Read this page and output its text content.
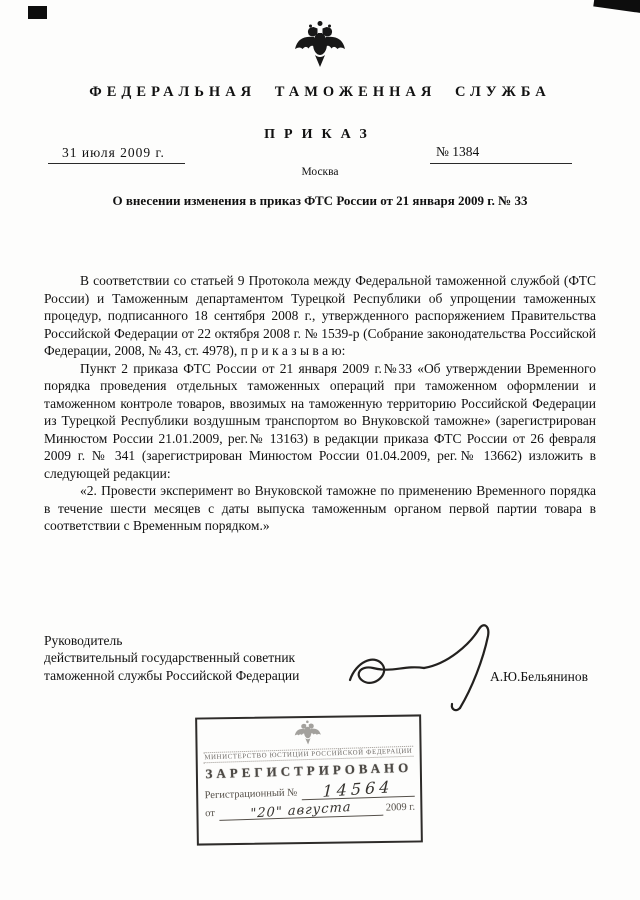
ФЕДЕРАЛЬНАЯ ТАМОЖЕННАЯ СЛУЖБА
ПРИКАЗ
31 июля 2009 г.	№ 1384
Москва
О внесении изменения в приказ ФТС России от 21 января 2009 г. № 33

В соответствии со статьей 9 Протокола между Федеральной таможенной службой (ФТС России) и Таможенным департаментом Турецкой Республики об упрощении таможенных процедур, подписанного 18 сентября 2008 г., утвержденного распоряжением Правительства Российской Федерации от 22 октября 2008 г. № 1539-р (Собрание законодательства Российской Федерации, 2008, № 43, ст. 4978), п р и к а з ы в а ю:

Пункт 2 приказа ФТС России от 21 января 2009 г.№33 «Об утверждении Временного порядка проведения отдельных таможенных операций при таможенном оформлении и таможенном контроле товаров, ввозимых на таможенную территорию Российской Федерации из Турецкой Республики воздушным транспортом во Внуковской таможне» (зарегистрирован Минюстом России 21.01.2009, рег.№ 13163) в редакции приказа ФТС России от 26 февраля 2009 г. № 341 (зарегистрирован Минюстом России 01.04.2009, рег.№ 13662) изложить в следующей редакции:

«2. Провести эксперимент во Внуковской таможне по применению Временного порядка в течение шести месяцев с даты выпуска таможенным органом первой партии товара в соответствии с Временным порядком.»

Руководитель
действительный государственный советник
таможенной службы Российской Федерации	А.Ю.Бельянинов
МИНИСТЕРСТВО ЮСТИЦИИ РОССИЙСКОЙ ФЕДЕРАЦИИ
ЗАРЕГИСТРИРОВАНО
Регистрационный №	14564
от	"20" августа	2009 г.
